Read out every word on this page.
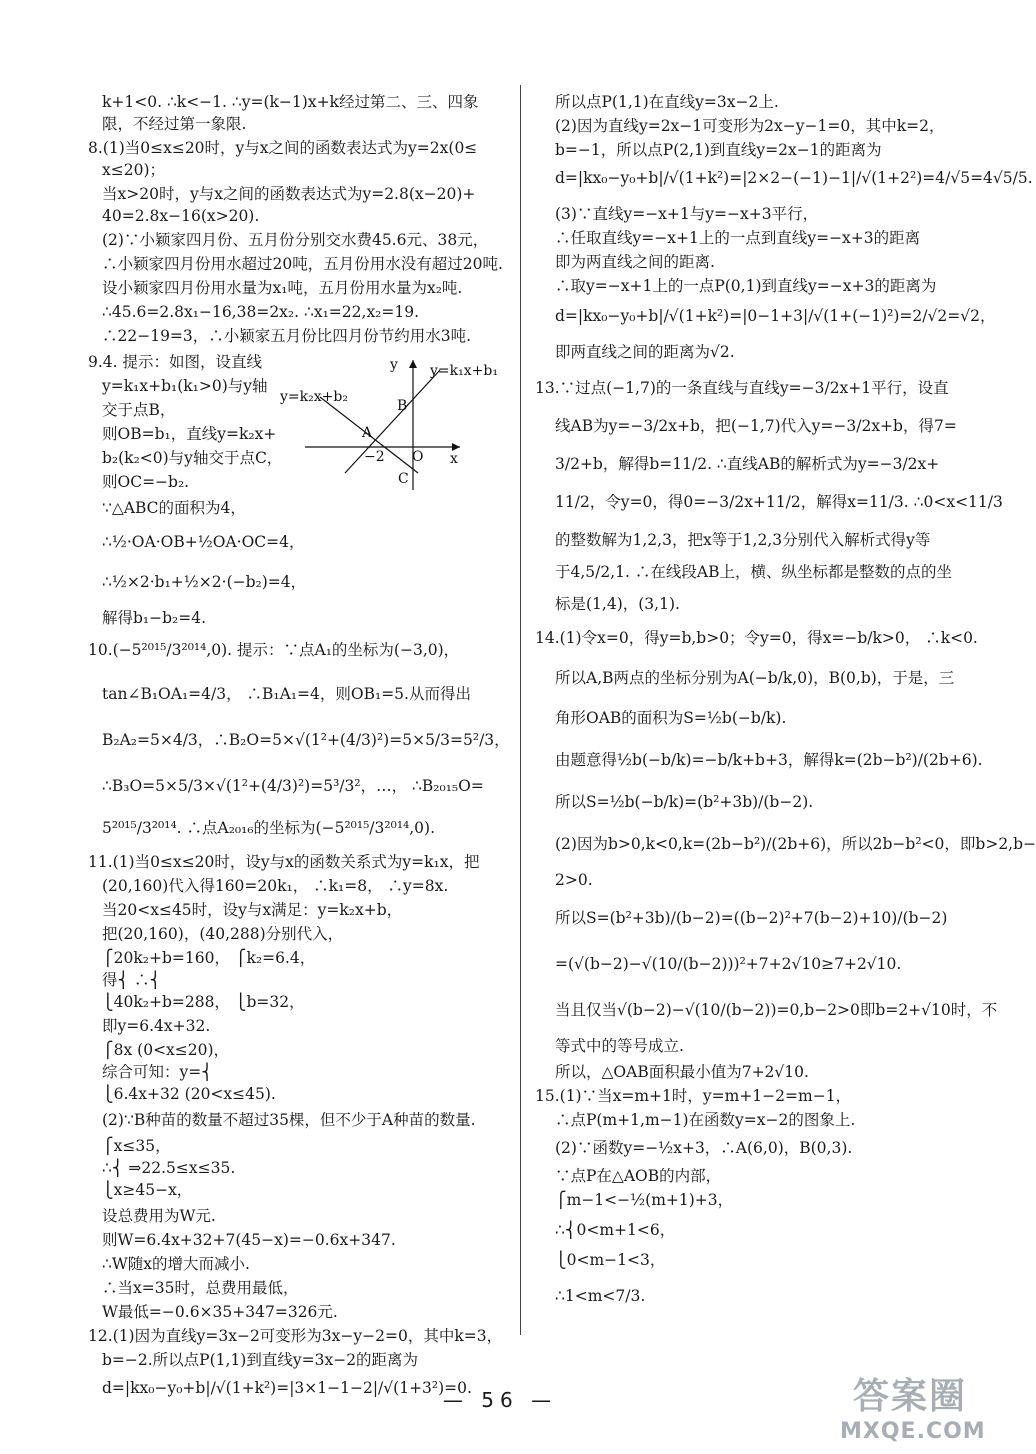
k+1<0. ∴k<−1. ∴y=(k−1)x+k经过第二、三、四象
限，不经过第一象限.
8.(1)当0≤x≤20时，y与x之间的函数表达式为y=2x(0≤
x≤20)；
当x>20时，y与x之间的函数表达式为y=2.8(x−20)+
40=2.8x−16(x>20).
(2)∵小颖家四月份、五月份分别交水费45.6元、38元，
∴小颖家四月份用水超过20吨，五月份用水没有超过20吨.
设小颖家四月份用水量为x₁吨，五月份用水量为x₂吨.
∴45.6=2.8x₁−16,38=2x₂. ∴x₁=22,x₂=19.
∴22−19=3，∴小颖家五月份比四月份节约用水3吨.
9.4. 提示：如图，设直线
y=k₁x+b₁(k₁>0)与y轴
交于点B，
则OB=b₁，直线y=k₂x+
b₂(k₂<0)与y轴交于点C，
则OC=−b₂.
∵△ABC的面积为4，
∴½·OA·OB+½OA·OC=4，
∴½×2·b₁+½×2·(−b₂)=4，
解得b₁−b₂=4.
10.(−5²⁰¹⁵/3²⁰¹⁴,0). 提示：∵点A₁的坐标为(−3,0)，
tan∠B₁OA₁=4/3， ∴B₁A₁=4，则OB₁=5.从而得出
B₂A₂=5×4/3，∴B₂O=5×√(1²+(4/3)²)=5×5/3=5²/3，
∴B₃O=5×5/3×√(1²+(4/3)²)=5³/3²，…， ∴B₂₀₁₅O=
5²⁰¹⁵/3²⁰¹⁴. ∴点A₂₀₁₆的坐标为(−5²⁰¹⁵/3²⁰¹⁴,0).
11.(1)当0≤x≤20时，设y与x的函数关系式为y=k₁x，把
(20,160)代入得160=20k₁， ∴k₁=8， ∴y=8x.
当20<x≤45时，设y与x满足：y=k₂x+b，
把(20,160)，(40,288)分别代入，
⎧20k₂+b=160， ⎧k₂=6.4，
得⎨ ∴⎨
⎩40k₂+b=288， ⎩b=32，
即y=6.4x+32.
⎧8x (0<x≤20)，
综合可知：y=⎨
⎩6.4x+32 (20<x≤45).
(2)∵B种苗的数量不超过35棵，但不少于A种苗的数量.
⎧x≤35，
∴⎨ ⇒22.5≤x≤35.
⎩x≥45−x，
设总费用为W元.
则W=6.4x+32+7(45−x)=−0.6x+347.
∴W随x的增大而减小.
∴当x=35时，总费用最低，
W最低=−0.6×35+347=326元.
12.(1)因为直线y=3x−2可变形为3x−y−2=0，其中k=3，
b=−2.所以点P(1,1)到直线y=3x−2的距离为
d=|kx₀−y₀+b|/√(1+k²)=|3×1−1−2|/√(1+3²)=0.
所以点P(1,1)在直线y=3x−2上.
(2)因为直线y=2x−1可变形为2x−y−1=0，其中k=2，
b=−1，所以点P(2,1)到直线y=2x−1的距离为
d=|kx₀−y₀+b|/√(1+k²)=|2×2−(−1)−1|/√(1+2²)=4/√5=4√5/5.
(3)∵直线y=−x+1与y=−x+3平行，
∴任取直线y=−x+1上的一点到直线y=−x+3的距离
即为两直线之间的距离.
∴取y=−x+1上的一点P(0,1)到直线y=−x+3的距离为
d=|kx₀−y₀+b|/√(1+k²)=|0−1+3|/√(1+(−1)²)=2/√2=√2，
即两直线之间的距离为√2.
13.∵过点(−1,7)的一条直线与直线y=−3/2x+1平行，设直
线AB为y=−3/2x+b，把(−1,7)代入y=−3/2x+b，得7=
3/2+b，解得b=11/2. ∴直线AB的解析式为y=−3/2x+
11/2，令y=0，得0=−3/2x+11/2，解得x=11/3. ∴0<x<11/3
的整数解为1,2,3，把x等于1,2,3分别代入解析式得y等
于4,5/2,1. ∴在线段AB上，横、纵坐标都是整数的点的坐
标是(1,4)，(3,1).
14.(1)令x=0，得y=b,b>0；令y=0，得x=−b/k>0， ∴k<0.
所以A,B两点的坐标分别为A(−b/k,0)，B(0,b)，于是，三
角形OAB的面积为S=½b(−b/k).
由题意得½b(−b/k)=−b/k+b+3，解得k=(2b−b²)/(2b+6).
所以S=½b(−b/k)=(b²+3b)/(b−2).
(2)因为b>0,k<0,k=(2b−b²)/(2b+6)，所以2b−b²<0，即b>2,b−
2>0.
所以S=(b²+3b)/(b−2)=((b−2)²+7(b−2)+10)/(b−2)
=(√(b−2)−√(10/(b−2)))²+7+2√10≥7+2√10.
当且仅当√(b−2)−√(10/(b−2))=0,b−2>0即b=2+√10时，不
等式中的等号成立.
所以，△OAB面积最小值为7+2√10.
15.(1)∵当x=m+1时，y=m+1−2=m−1，
∴点P(m+1,m−1)在函数y=x−2的图象上.
(2)∵函数y=−½x+3，∴A(6,0)，B(0,3).
∵点P在△AOB的内部，
⎧m−1<−½(m+1)+3，
∴⎨0<m+1<6，
⎩0<m−1<3，
∴1<m<7/3.
y
x
B
A
C
O
−2
y=k₁x+b₁
y=k₂x+b₂
— 56 —	答案圈
MXQE.COM
